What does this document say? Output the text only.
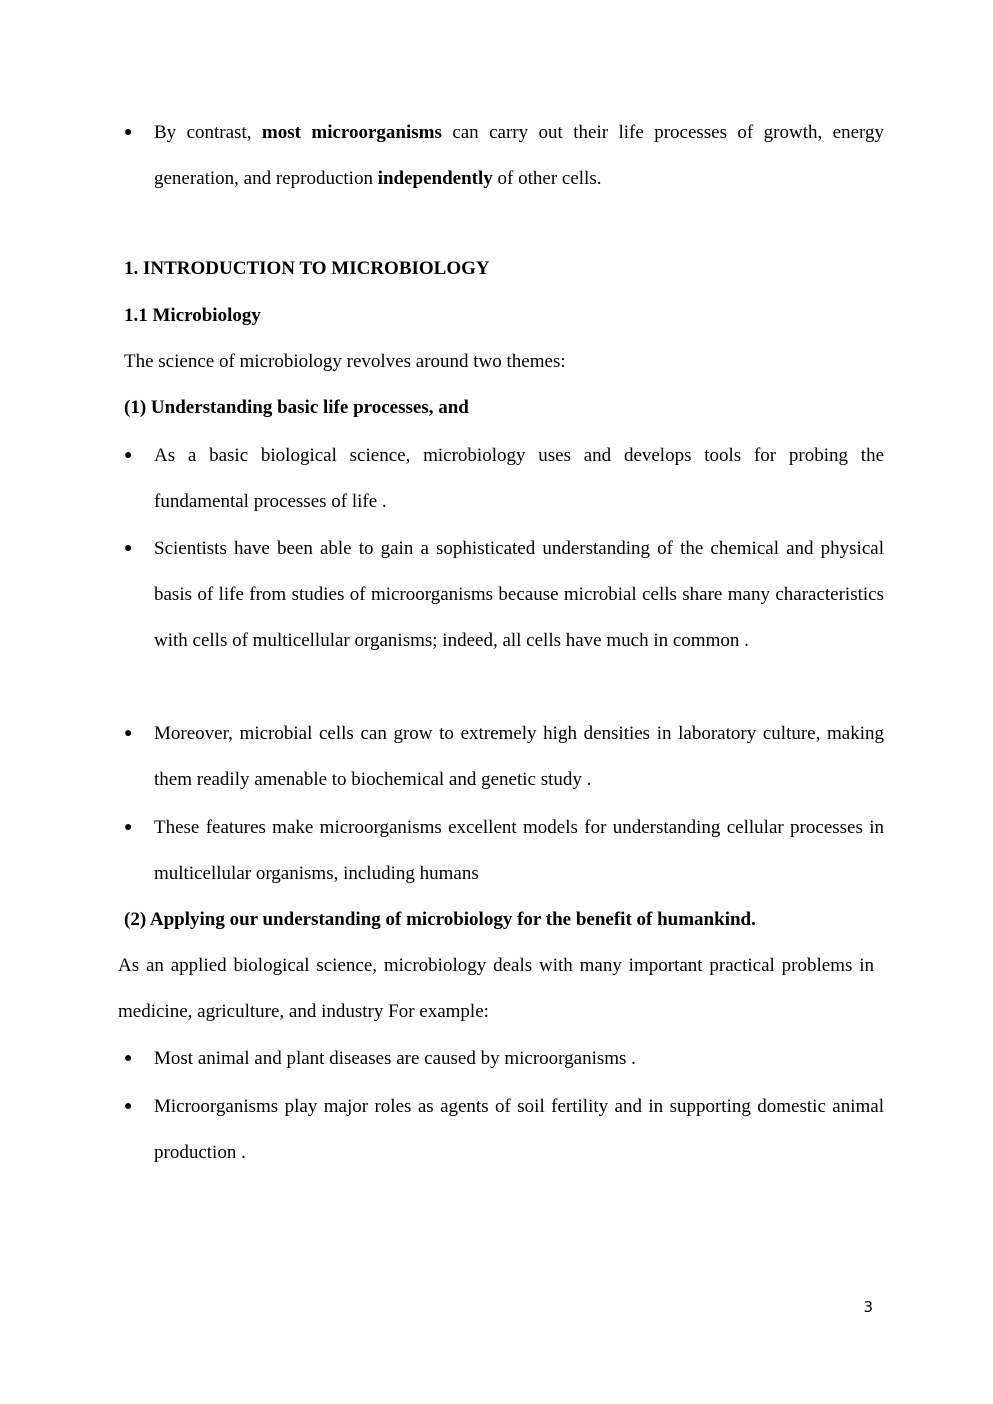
● By contrast, most microorganisms can carry out their life processes of growth, energy generation, and reproduction independently of other cells.
1. INTRODUCTION TO MICROBIOLOGY
1.1 Microbiology
The science of microbiology revolves around two themes:
(1) Understanding basic life processes, and
● As a basic biological science, microbiology uses and develops tools for probing the fundamental processes of life .
● Scientists have been able to gain a sophisticated understanding of the chemical and physical basis of life from studies of microorganisms because microbial cells share many characteristics with cells of multicellular organisms; indeed, all cells have much in common .
● Moreover, microbial cells can grow to extremely high densities in laboratory culture, making them readily amenable to biochemical and genetic study .
● These features make microorganisms excellent models for understanding cellular processes in multicellular organisms, including humans
(2) Applying our understanding of microbiology for the benefit of humankind.
As an applied biological science, microbiology deals with many important practical problems in medicine, agriculture, and industry For example:
● Most animal and plant diseases are caused by microorganisms .
● Microorganisms play major roles as agents of soil fertility and in supporting domestic animal production .
3
